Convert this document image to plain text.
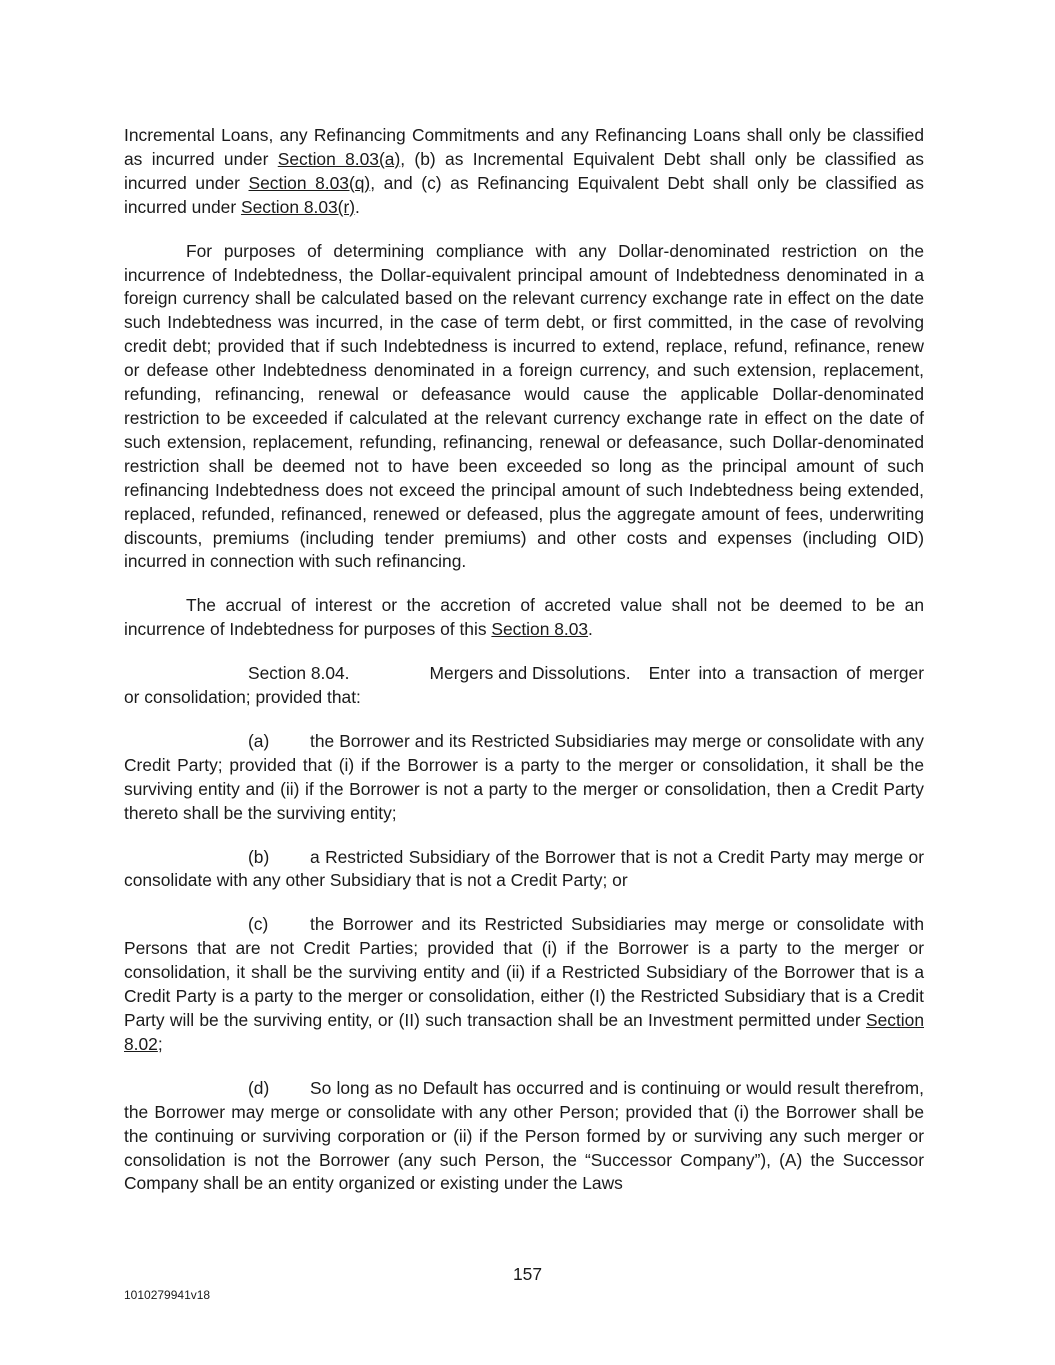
Incremental Loans, any Refinancing Commitments and any Refinancing Loans shall only be classified as incurred under Section 8.03(a), (b) as Incremental Equivalent Debt shall only be classified as incurred under Section 8.03(q), and (c) as Refinancing Equivalent Debt shall only be classified as incurred under Section 8.03(r).

For purposes of determining compliance with any Dollar-denominated restriction on the incurrence of Indebtedness, the Dollar-equivalent principal amount of Indebtedness denominated in a foreign currency shall be calculated based on the relevant currency exchange rate in effect on the date such Indebtedness was incurred, in the case of term debt, or first committed, in the case of revolving credit debt; provided that if such Indebtedness is incurred to extend, replace, refund, refinance, renew or defease other Indebtedness denominated in a foreign currency, and such extension, replacement, refunding, refinancing, renewal or defeasance would cause the applicable Dollar-denominated restriction to be exceeded if calculated at the relevant currency exchange rate in effect on the date of such extension, replacement, refunding, refinancing, renewal or defeasance, such Dollar-denominated restriction shall be deemed not to have been exceeded so long as the principal amount of such refinancing Indebtedness does not exceed the principal amount of such Indebtedness being extended, replaced, refunded, refinanced, renewed or defeased, plus the aggregate amount of fees, underwriting discounts, premiums (including tender premiums) and other costs and expenses (including OID) incurred in connection with such refinancing.

The accrual of interest or the accretion of accreted value shall not be deemed to be an incurrence of Indebtedness for purposes of this Section 8.03.

Section 8.04.	Mergers and Dissolutions. Enter into a transaction of merger or consolidation; provided that:

(a) the Borrower and its Restricted Subsidiaries may merge or consolidate with any Credit Party; provided that (i) if the Borrower is a party to the merger or consolidation, it shall be the surviving entity and (ii) if the Borrower is not a party to the merger or consolidation, then a Credit Party thereto shall be the surviving entity;

(b) a Restricted Subsidiary of the Borrower that is not a Credit Party may merge or consolidate with any other Subsidiary that is not a Credit Party; or

(c) the Borrower and its Restricted Subsidiaries may merge or consolidate with Persons that are not Credit Parties; provided that (i) if the Borrower is a party to the merger or consolidation, it shall be the surviving entity and (ii) if a Restricted Subsidiary of the Borrower that is a Credit Party is a party to the merger or consolidation, either (I) the Restricted Subsidiary that is a Credit Party will be the surviving entity, or (II) such transaction shall be an Investment permitted under Section 8.02;

(d) So long as no Default has occurred and is continuing or would result therefrom, the Borrower may merge or consolidate with any other Person; provided that (i) the Borrower shall be the continuing or surviving corporation or (ii) if the Person formed by or surviving any such merger or consolidation is not the Borrower (any such Person, the “Successor Company”), (A) the Successor Company shall be an entity organized or existing under the Laws

157
1010279941v18
